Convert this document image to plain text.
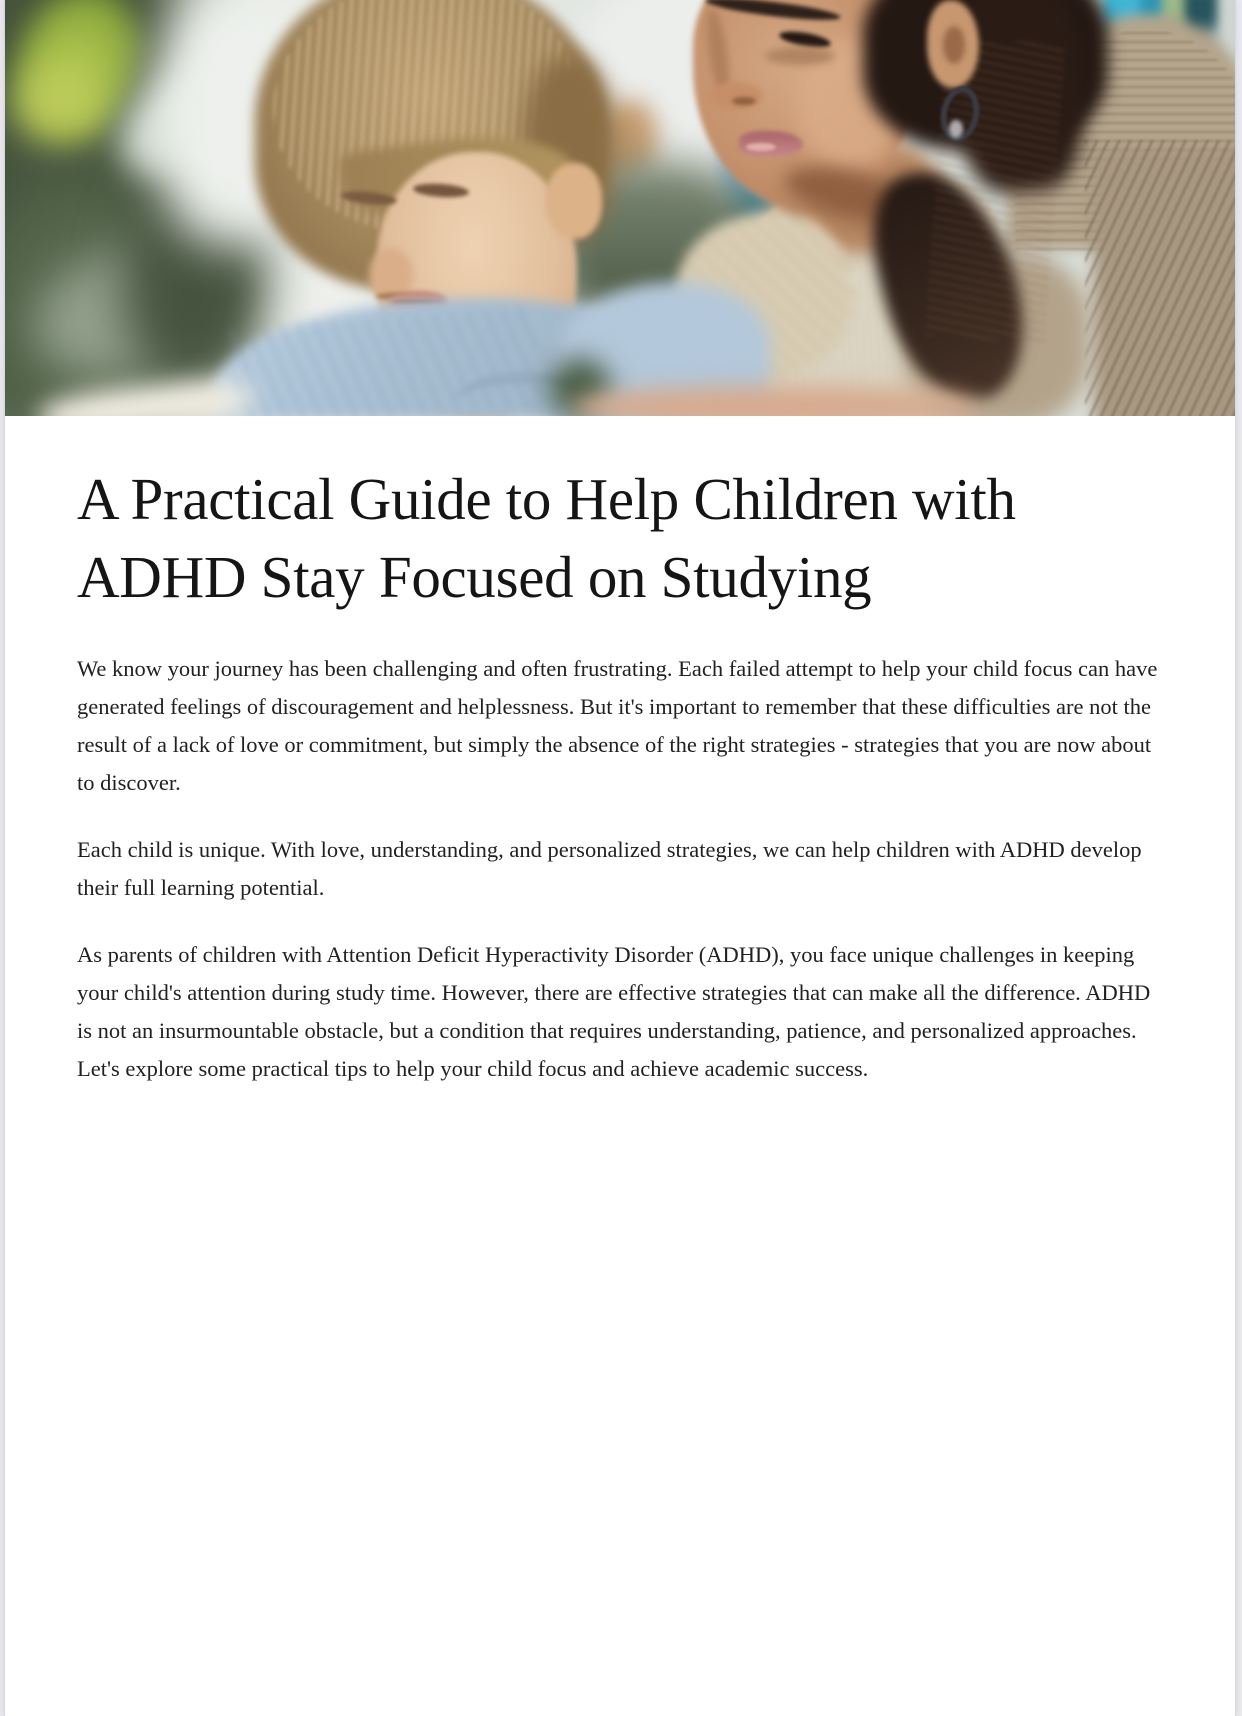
A Practical Guide to Help Children with ADHD Stay Focused on Studying

We know your journey has been challenging and often frustrating. Each failed attempt to help your child focus can have generated feelings of discouragement and helplessness. But it's important to remember that these difficulties are not the result of a lack of love or commitment, but simply the absence of the right strategies - strategies that you are now about to discover.

Each child is unique. With love, understanding, and personalized strategies, we can help children with ADHD develop their full learning potential.

As parents of children with Attention Deficit Hyperactivity Disorder (ADHD), you face unique challenges in keeping your child's attention during study time. However, there are effective strategies that can make all the difference. ADHD is not an insurmountable obstacle, but a condition that requires understanding, patience, and personalized approaches. Let's explore some practical tips to help your child focus and achieve academic success.
